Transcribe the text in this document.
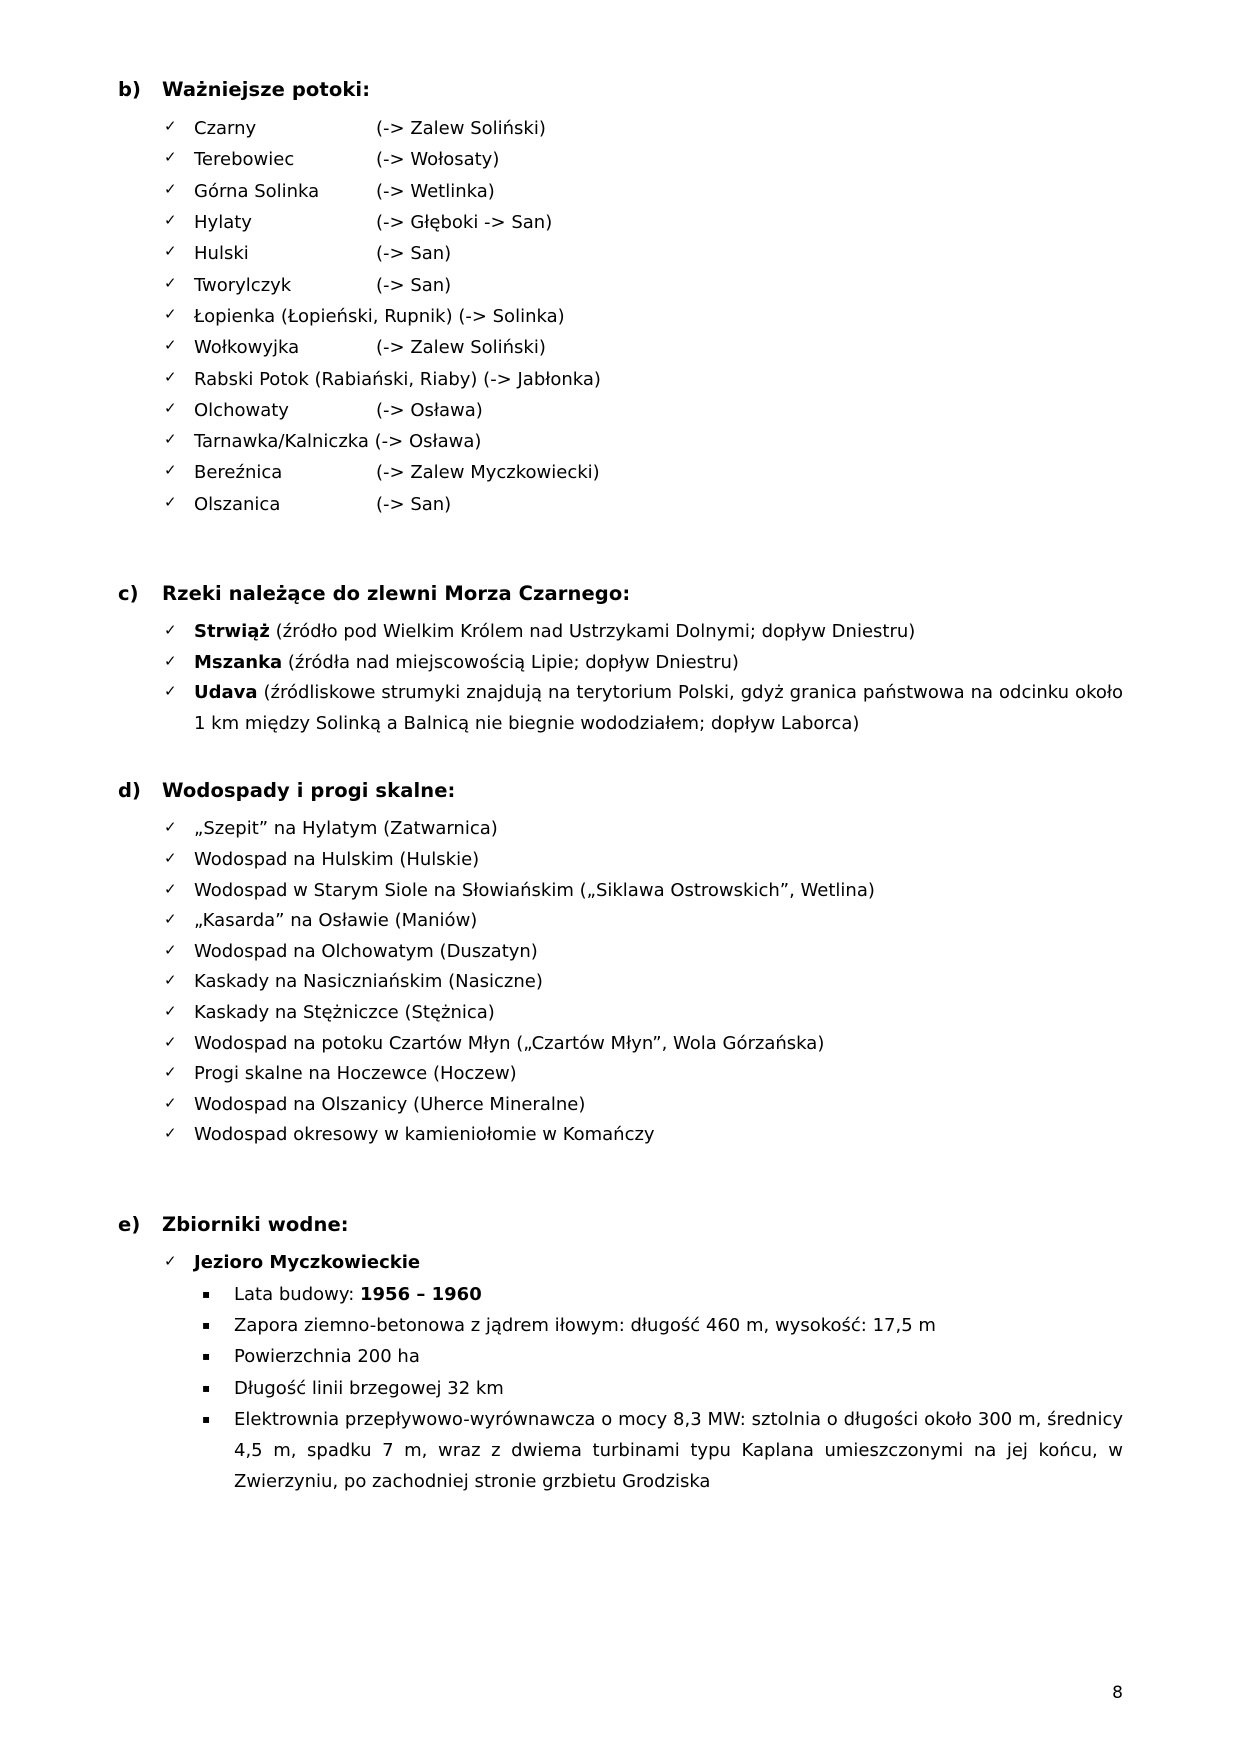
b)	Ważniejsze potoki:
✓ Czarny	(-> Zalew Soliński)
✓ Terebowiec	(-> Wołosaty)
✓ Górna Solinka	(-> Wetlinka)
✓ Hylaty	(-> Głęboki -> San)
✓ Hulski	(-> San)
✓ Tworylczyk	(-> San)
✓ Łopienka (Łopieński, Rupnik) (-> Solinka)
✓ Wołkowyjka	(-> Zalew Soliński)
✓ Rabski Potok (Rabiański, Riaby) (-> Jabłonka)
✓ Olchowaty	(-> Osława)
✓ Tarnawka/Kalniczka (-> Osława)
✓ Bereźnica	(-> Zalew Myczkowiecki)
✓ Olszanica	(-> San)
c)	Rzeki należące do zlewni Morza Czarnego:
✓ Strwiąż (źródło pod Wielkim Królem nad Ustrzykami Dolnymi; dopływ Dniestru)
✓ Mszanka (źródła nad miejscowością Lipie; dopływ Dniestru)
✓ Udava (źródliskowe strumyki znajdują na terytorium Polski, gdyż granica państwowa na odcinku około 1 km między Solinką a Balnicą nie biegnie wododziałem; dopływ Laborca)
d)	Wodospady i progi skalne:
✓ „Szepit” na Hylatym (Zatwarnica)
✓ Wodospad na Hulskim (Hulskie)
✓ Wodospad w Starym Siole na Słowiańskim („Siklawa Ostrowskich”, Wetlina)
✓ „Kasarda” na Osławie (Maniów)
✓ Wodospad na Olchowatym (Duszatyn)
✓ Kaskady na Nasiczniańskim (Nasiczne)
✓ Kaskady na Stężniczce (Stężnica)
✓ Wodospad na potoku Czartów Młyn („Czartów Młyn”, Wola Górzańska)
✓ Progi skalne na Hoczewce (Hoczew)
✓ Wodospad na Olszanicy (Uherce Mineralne)
✓ Wodospad okresowy w kamieniołomie w Komańczy
e)	Zbiorniki wodne:
✓ Jezioro Myczkowieckie
▪	Lata budowy: 1956 – 1960
▪	Zapora ziemno-betonowa z jądrem iłowym: długość 460 m, wysokość: 17,5 m
▪	Powierzchnia 200 ha
▪	Długość linii brzegowej 32 km
▪	Elektrownia przepływowo-wyrównawcza o mocy 8,3 MW: sztolnia o długości około 300 m, średnicy 4,5 m, spadku 7 m, wraz z dwiema turbinami typu Kaplana umieszczonymi na jej końcu, w Zwierzyniu, po zachodniej stronie grzbietu Grodziska
8
